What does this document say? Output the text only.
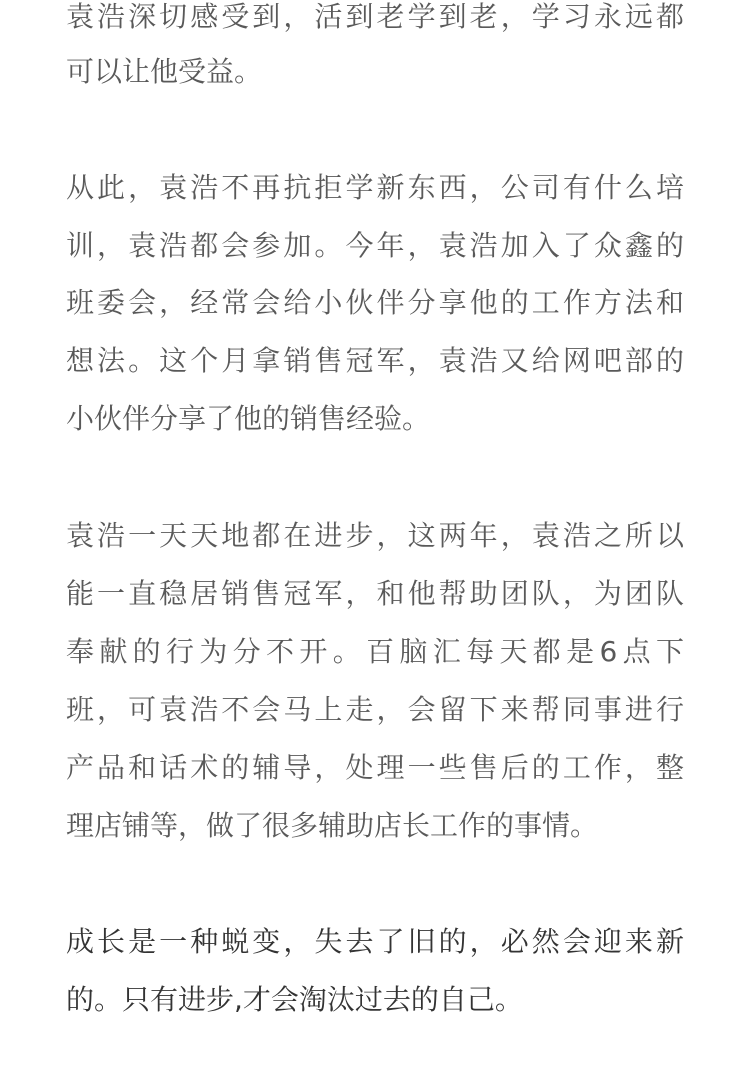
袁浩深切感受到，活到老学到老，学习永远都
可以让他受益。
从此，袁浩不再抗拒学新东西，公司有什么培
训，袁浩都会参加。今年，袁浩加入了众鑫的
班委会，经常会给小伙伴分享他的工作方法和
想法。这个月拿销售冠军，袁浩又给网吧部的
小伙伴分享了他的销售经验。
袁浩一天天地都在进步，这两年，袁浩之所以
能一直稳居销售冠军，和他帮助团队，为团队
奉献的行为分不开。百脑汇每天都是6点下
班，可袁浩不会马上走，会留下来帮同事进行
产品和话术的辅导，处理一些售后的工作，整
理店铺等，做了很多辅助店长工作的事情。
成长是一种蜕变，失去了旧的，必然会迎来新
的。只有进步,才会淘汰过去的自己。
